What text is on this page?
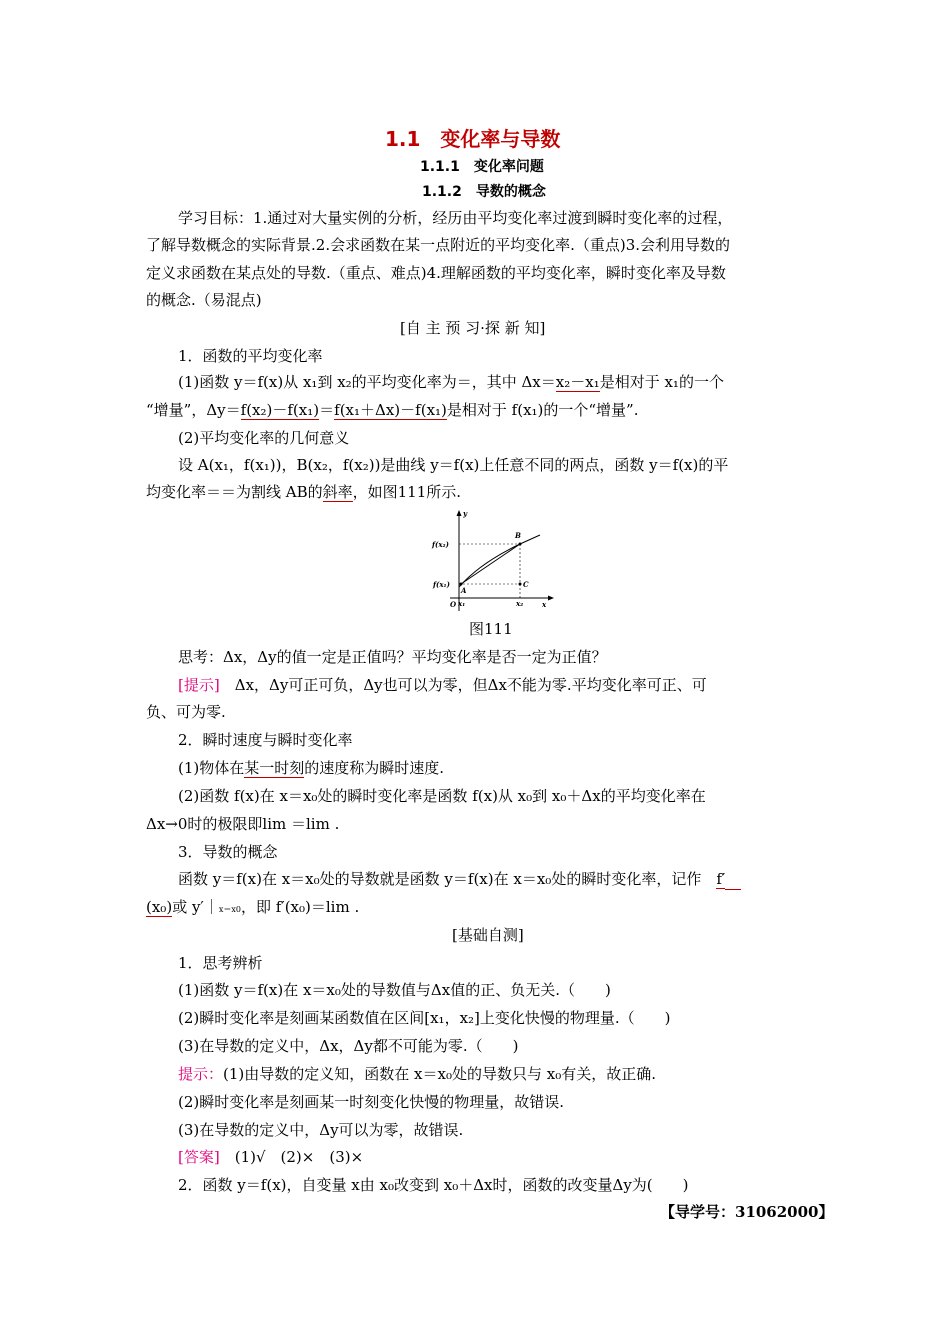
1.1　变化率与导数
1.1.1　变化率问题
1.1.2　导数的概念
学习目标：1.通过对大量实例的分析，经历由平均变化率过渡到瞬时变化率的过程，
了解导数概念的实际背景.2.会求函数在某一点附近的平均变化率.（重点)3.会利用导数的
定义求函数在某点处的导数.（重点、难点)4.理解函数的平均变化率，瞬时变化率及导数
的概念.（易混点)
[自 主 预 习·探 新 知]
1．函数的平均变化率
(1)函数 y＝f(x)从 x₁到 x₂的平均变化率为＝，其中 Δx＝x₂－x₁是相对于 x₁的一个
“增量”，Δy＝f(x₂)－f(x₁)＝f(x₁＋Δx)－f(x₁)是相对于 f(x₁)的一个“增量”.
(2)平均变化率的几何意义
设 A(x₁，f(x₁))，B(x₂，f(x₂))是曲线 y＝f(x)上任意不同的两点，函数 y＝f(x)的平
均变化率＝＝为割线 AB的斜率，如图111所示.
y
x
O
A
B
C
f(x₂)
f(x₁)
x₁	x₂
图111
思考：Δx，Δy的值一定是正值吗？平均变化率是否一定为正值？
[提示]　 Δx，Δy可正可负，Δy也可以为零，但Δx不能为零.平均变化率可正、可
负、可为零.
2．瞬时速度与瞬时变化率
(1)物体在某一时刻的速度称为瞬时速度.
(2)函数 f(x)在 x＝x₀处的瞬时变化率是函数 f(x)从 x₀到 x₀＋Δx的平均变化率在
Δx→0时的极限即lim ＝lim .
3．导数的概念
函数 y＝f(x)在 x＝x₀处的导数就是函数 y＝f(x)在 x＝x₀处的瞬时变化率，记作　 f′
(x₀)或 y′｜x＝x0，即 f′(x₀)＝lim .
[基础自测]
1．思考辨析
(1)函数 y＝f(x)在 x＝x₀处的导数值与Δx值的正、负无关.（　　)
(2)瞬时变化率是刻画某函数值在区间[x₁，x₂]上变化快慢的物理量.（　　)
(3)在导数的定义中，Δx，Δy都不可能为零.（　　)
提示：(1)由导数的定义知，函数在 x＝x₀处的导数只与 x₀有关，故正确.
(2)瞬时变化率是刻画某一时刻变化快慢的物理量，故错误.
(3)在导数的定义中，Δy可以为零，故错误.
[答案]　 (1)√　(2)×　(3)×
2．函数 y＝f(x)，自变量 x由 x₀改变到 x₀＋Δx时，函数的改变量Δy为(　　)
【导学号：31062000】
